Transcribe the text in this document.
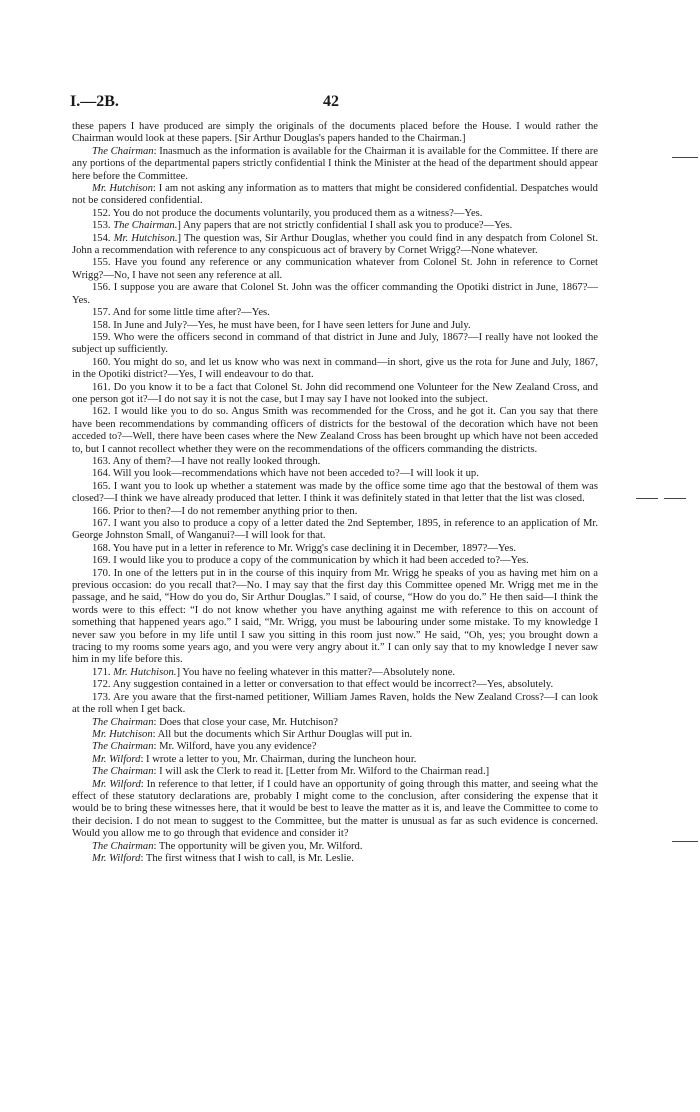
I.—2B.	42

these papers I have produced are simply the originals of the documents placed before the House. I would rather the Chairman would look at these papers. [Sir Arthur Douglas's papers handed to the Chairman.]

The Chairman: Inasmuch as the information is available for the Chairman it is available for the Committee. If there are any portions of the departmental papers strictly confidential I think the Minister at the head of the department should appear here before the Committee.

Mr. Hutchison: I am not asking any information as to matters that might be considered confidential. Despatches would not be considered confidential.

152. You do not produce the documents voluntarily, you produced them as a witness?—Yes.

153. The Chairman.] Any papers that are not strictly confidential I shall ask you to produce?—Yes.

154. Mr. Hutchison.] The question was, Sir Arthur Douglas, whether you could find in any despatch from Colonel St. John a recommendation with reference to any conspicuous act of bravery by Cornet Wrigg?—None whatever.

155. Have you found any reference or any communication whatever from Colonel St. John in reference to Cornet Wrigg?—No, I have not seen any reference at all.

156. I suppose you are aware that Colonel St. John was the officer commanding the Opotiki district in June, 1867?—Yes.

157. And for some little time after?—Yes.

158. In June and July?—Yes, he must have been, for I have seen letters for June and July.

159. Who were the officers second in command of that district in June and July, 1867?—I really have not looked the subject up sufficiently.

160. You might do so, and let us know who was next in command—in short, give us the rota for June and July, 1867, in the Opotiki district?—Yes, I will endeavour to do that.

161. Do you know it to be a fact that Colonel St. John did recommend one Volunteer for the New Zealand Cross, and one person got it?—I do not say it is not the case, but I may say I have not looked into the subject.

162. I would like you to do so. Angus Smith was recommended for the Cross, and he got it. Can you say that there have been recommendations by commanding officers of districts for the bestowal of the decoration which have not been acceded to?—Well, there have been cases where the New Zealand Cross has been brought up which have not been acceded to, but I cannot recollect whether they were on the recommendations of the officers commanding the districts.

163. Any of them?—I have not really looked through.

164. Will you look—recommendations which have not been acceded to?—I will look it up.

165. I want you to look up whether a statement was made by the office some time ago that the bestowal of them was closed?—I think we have already produced that letter. I think it was definitely stated in that letter that the list was closed.

166. Prior to then?—I do not remember anything prior to then.

167. I want you also to produce a copy of a letter dated the 2nd September, 1895, in reference to an application of Mr. George Johnston Small, of Wanganui?—I will look for that.

168. You have put in a letter in reference to Mr. Wrigg's case declining it in December, 1897?—Yes.

169. I would like you to produce a copy of the communication by which it had been acceded to?—Yes.

170. In one of the letters put in in the course of this inquiry from Mr. Wrigg he speaks of you as having met him on a previous occasion: do you recall that?—No. I may say that the first day this Committee opened Mr. Wrigg met me in the passage, and he said, “How do you do, Sir Arthur Douglas.” I said, of course, “How do you do.” He then said—I think the words were to this effect: “I do not know whether you have anything against me with reference to this on account of something that happened years ago.” I said, “Mr. Wrigg, you must be labouring under some mistake. To my knowledge I never saw you before in my life until I saw you sitting in this room just now.” He said, “Oh, yes; you brought down a tracing to my rooms some years ago, and you were very angry about it.” I can only say that to my knowledge I never saw him in my life before this.

171. Mr. Hutchison.] You have no feeling whatever in this matter?—Absolutely none.

172. Any suggestion contained in a letter or conversation to that effect would be incorrect?—Yes, absolutely.

173. Are you aware that the first-named petitioner, William James Raven, holds the New Zealand Cross?—I can look at the roll when I get back.

The Chairman: Does that close your case, Mr. Hutchison?

Mr. Hutchison: All but the documents which Sir Arthur Douglas will put in.

The Chairman: Mr. Wilford, have you any evidence?

Mr. Wilford: I wrote a letter to you, Mr. Chairman, during the luncheon hour.

The Chairman: I will ask the Clerk to read it. [Letter from Mr. Wilford to the Chairman read.]

Mr. Wilford: In reference to that letter, if I could have an opportunity of going through this matter, and seeing what the effect of these statutory declarations are, probably I might come to the conclusion, after considering the expense that it would be to bring these witnesses here, that it would be best to leave the matter as it is, and leave the Committee to come to their decision. I do not mean to suggest to the Committee, but the matter is unusual as far as such evidence is concerned. Would you allow me to go through that evidence and consider it?

The Chairman: The opportunity will be given you, Mr. Wilford.

Mr. Wilford: The first witness that I wish to call, is Mr. Leslie.
